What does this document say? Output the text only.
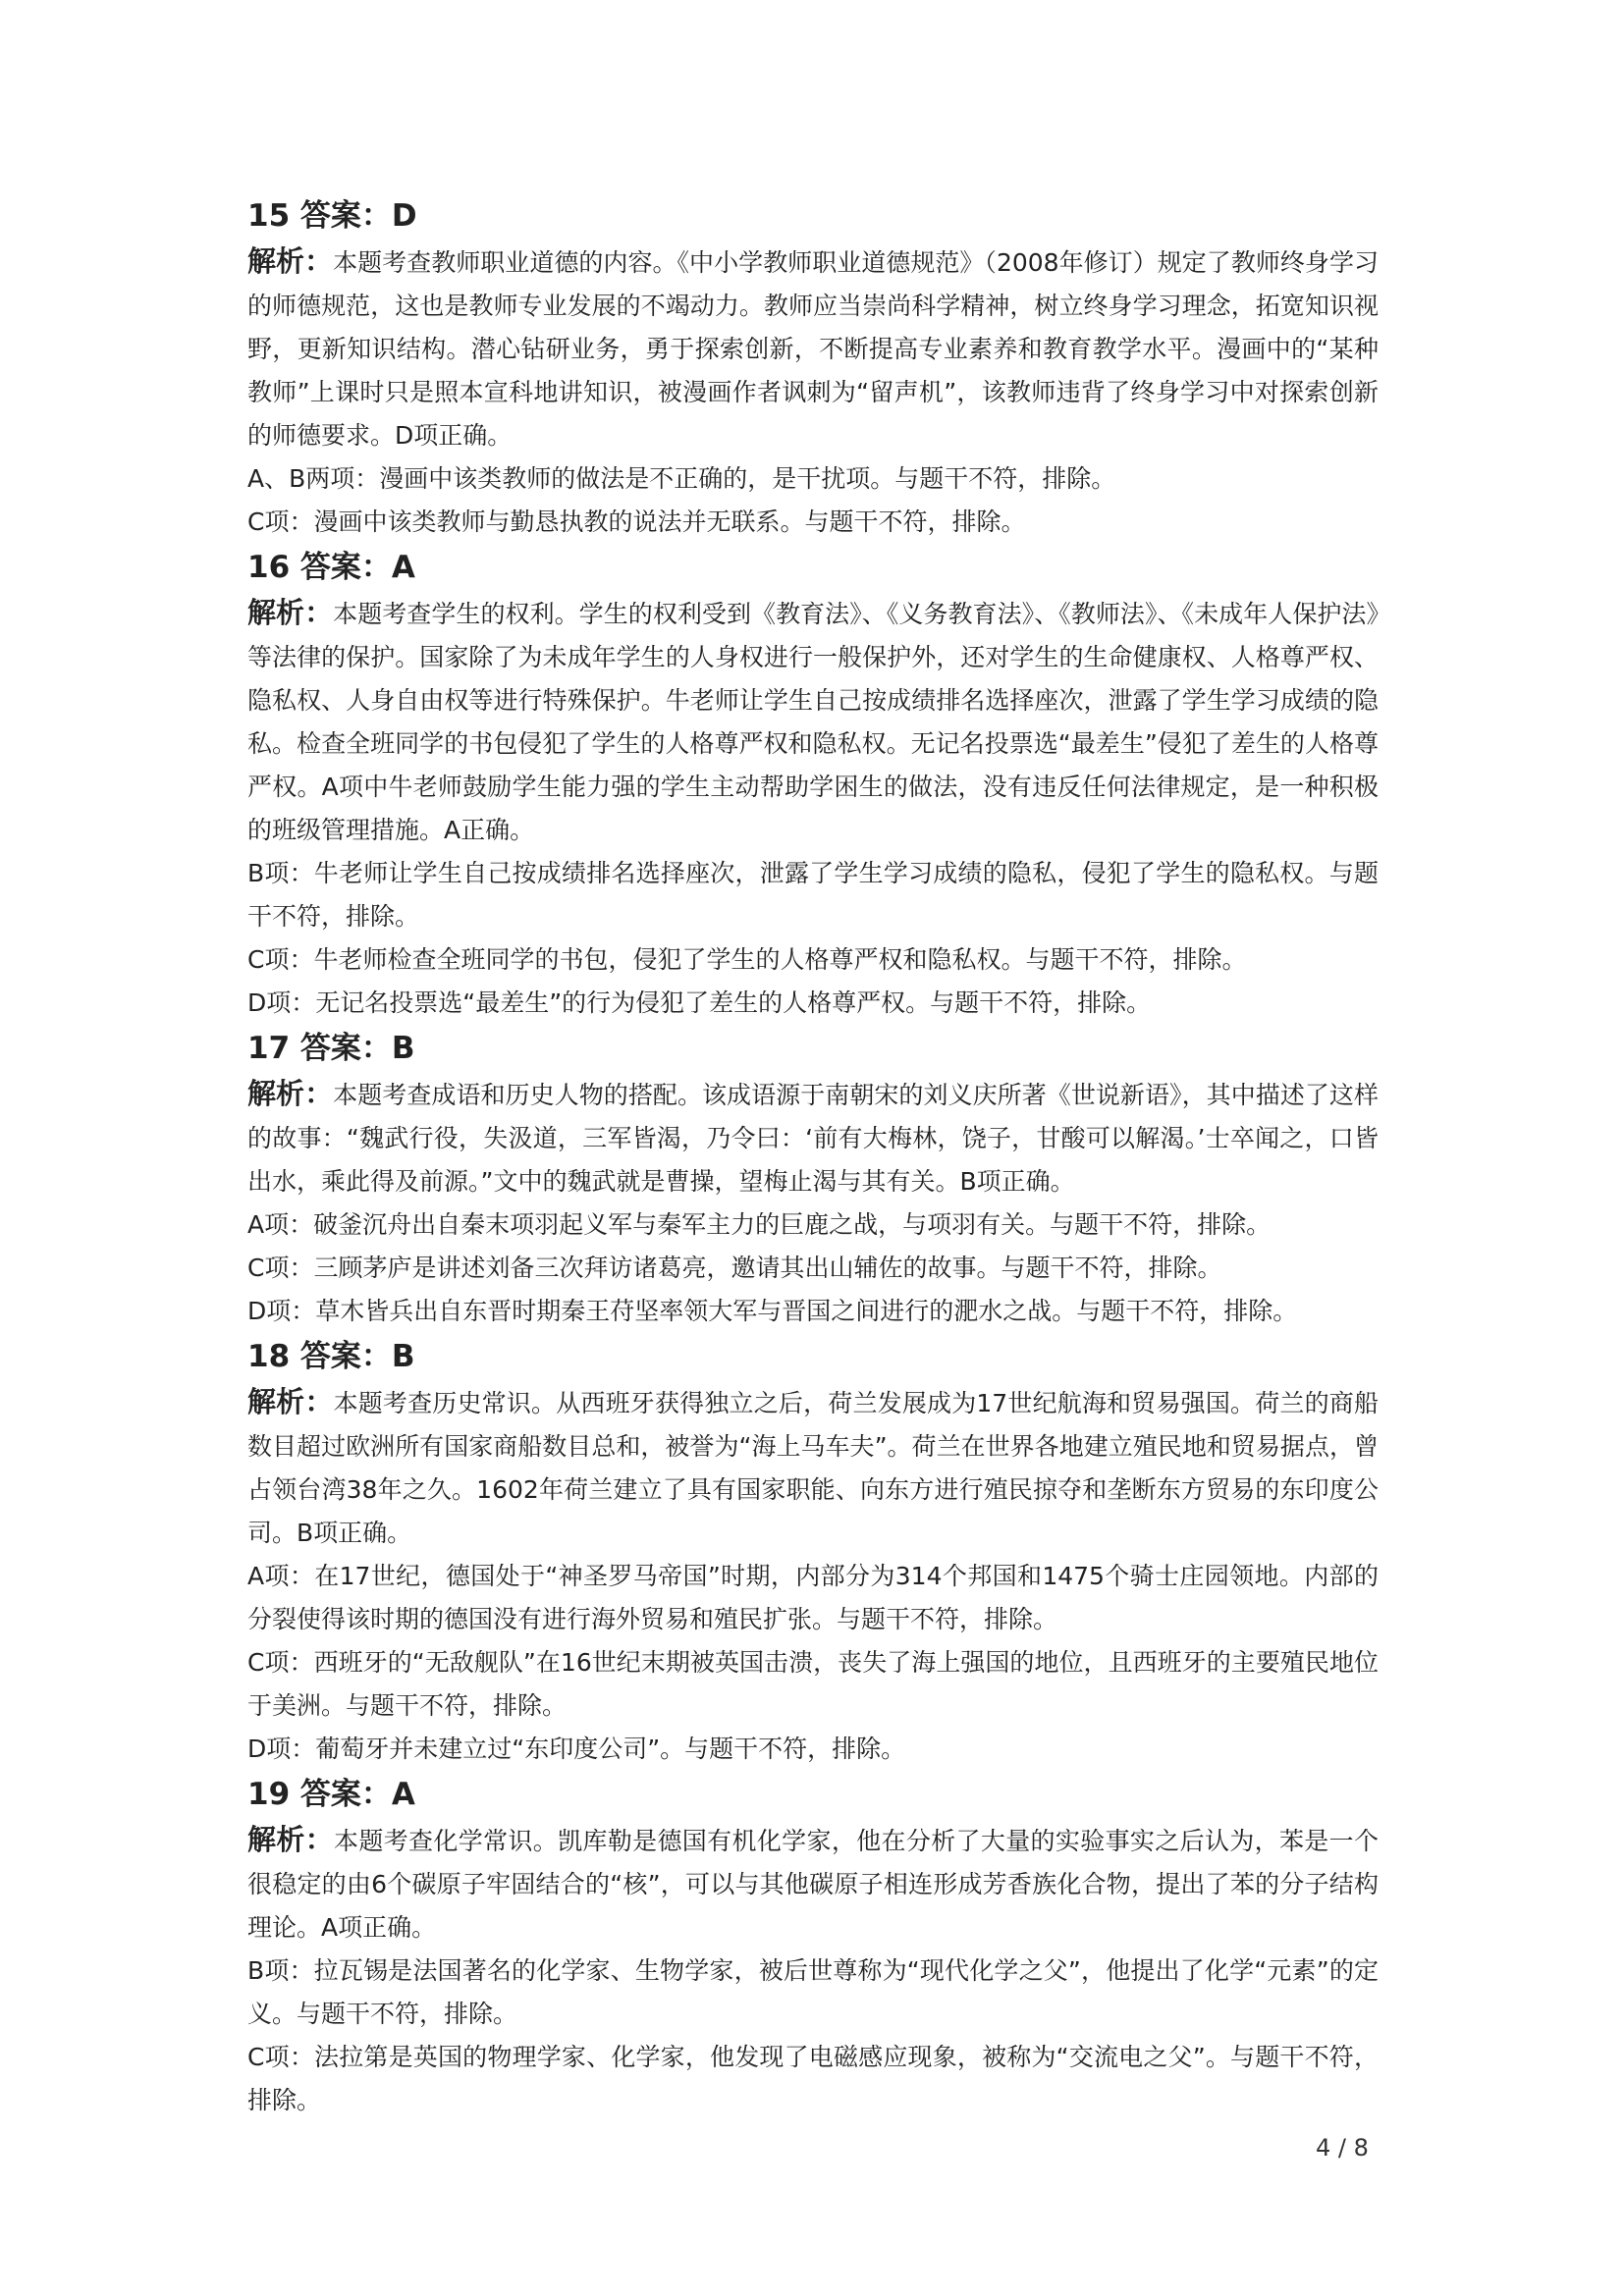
15 答案：D

解析：本题考查教师职业道德的内容。《中小学教师职业道德规范》（2008年修订）规定了教师终身学习的师德规范，这也是教师专业发展的不竭动力。教师应当崇尚科学精神，树立终身学习理念，拓宽知识视野，更新知识结构。潜心钻研业务，勇于探索创新，不断提高专业素养和教育教学水平。漫画中的“某种教师”上课时只是照本宣科地讲知识，被漫画作者讽刺为“留声机”，该教师违背了终身学习中对探索创新的师德要求。D项正确。

A、B两项：漫画中该类教师的做法是不正确的，是干扰项。与题干不符，排除。

C项：漫画中该类教师与勤恳执教的说法并无联系。与题干不符，排除。

16 答案：A

解析：本题考查学生的权利。学生的权利受到《教育法》、《义务教育法》、《教师法》、《未成年人保护法》等法律的保护。国家除了为未成年学生的人身权进行一般保护外，还对学生的生命健康权、人格尊严权、隐私权、人身自由权等进行特殊保护。牛老师让学生自己按成绩排名选择座次，泄露了学生学习成绩的隐私。检查全班同学的书包侵犯了学生的人格尊严权和隐私权。无记名投票选“最差生”侵犯了差生的人格尊严权。A项中牛老师鼓励学生能力强的学生主动帮助学困生的做法，没有违反任何法律规定，是一种积极的班级管理措施。A正确。

B项：牛老师让学生自己按成绩排名选择座次，泄露了学生学习成绩的隐私，侵犯了学生的隐私权。与题干不符，排除。

C项：牛老师检查全班同学的书包，侵犯了学生的人格尊严权和隐私权。与题干不符，排除。

D项：无记名投票选“最差生”的行为侵犯了差生的人格尊严权。与题干不符，排除。

17 答案：B

解析：本题考查成语和历史人物的搭配。该成语源于南朝宋的刘义庆所著《世说新语》，其中描述了这样的故事：“魏武行役，失汲道，三军皆渴，乃令曰：‘前有大梅林，饶子，甘酸可以解渴。’士卒闻之，口皆出水，乘此得及前源。”文中的魏武就是曹操，望梅止渴与其有关。B项正确。

A项：破釜沉舟出自秦末项羽起义军与秦军主力的巨鹿之战，与项羽有关。与题干不符，排除。

C项：三顾茅庐是讲述刘备三次拜访诸葛亮，邀请其出山辅佐的故事。与题干不符，排除。

D项：草木皆兵出自东晋时期秦王苻坚率领大军与晋国之间进行的淝水之战。与题干不符，排除。

18 答案：B

解析：本题考查历史常识。从西班牙获得独立之后，荷兰发展成为17世纪航海和贸易强国。荷兰的商船数目超过欧洲所有国家商船数目总和，被誉为“海上马车夫”。荷兰在世界各地建立殖民地和贸易据点，曾占领台湾38年之久。1602年荷兰建立了具有国家职能、向东方进行殖民掠夺和垄断东方贸易的东印度公司。B项正确。

A项：在17世纪，德国处于“神圣罗马帝国”时期，内部分为314个邦国和1475个骑士庄园领地。内部的分裂使得该时期的德国没有进行海外贸易和殖民扩张。与题干不符，排除。

C项：西班牙的“无敌舰队”在16世纪末期被英国击溃，丧失了海上强国的地位，且西班牙的主要殖民地位于美洲。与题干不符，排除。

D项：葡萄牙并未建立过“东印度公司”。与题干不符，排除。

19 答案：A

解析：本题考查化学常识。凯库勒是德国有机化学家，他在分析了大量的实验事实之后认为，苯是一个很稳定的由6个碳原子牢固结合的“核”，可以与其他碳原子相连形成芳香族化合物，提出了苯的分子结构理论。A项正确。

B项：拉瓦锡是法国著名的化学家、生物学家，被后世尊称为“现代化学之父”，他提出了化学“元素”的定义。与题干不符，排除。

C项：法拉第是英国的物理学家、化学家，他发现了电磁感应现象，被称为“交流电之父”。与题干不符，排除。

4 / 8
